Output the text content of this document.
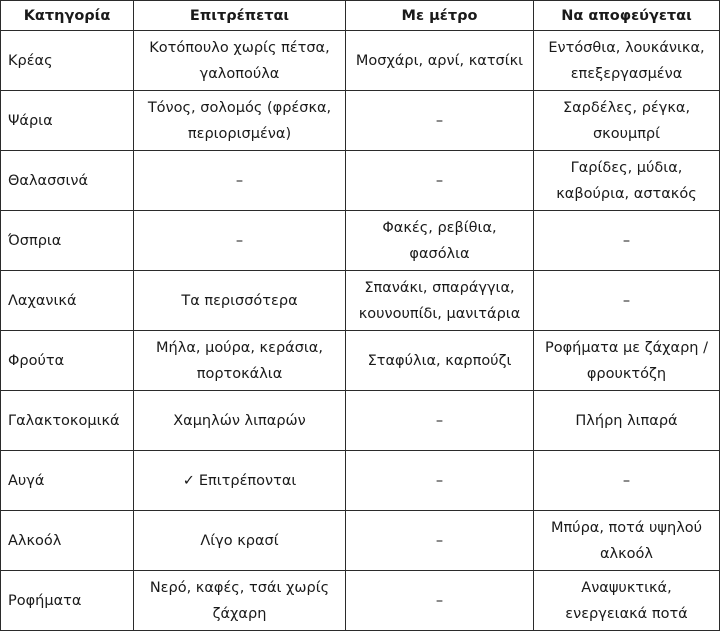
Κατηγορία	Επιτρέπεται	Με μέτρο	Να αποφεύγεται
Κρέας	Κοτόπουλο χωρίς πέτσα, γαλοπούλα	Μοσχάρι, αρνί, κατσίκι	Εντόσθια, λουκάνικα, επεξεργασμένα
Ψάρια	Τόνος, σολομός (φρέσκα, περιορισμένα)	–	Σαρδέλες, ρέγκα, σκουμπρί
Θαλασσινά	–	–	Γαρίδες, μύδια, καβούρια, αστακός
Όσπρια	–	Φακές, ρεβίθια, φασόλια	–
Λαχανικά	Τα περισσότερα	Σπανάκι, σπαράγγια, κουνουπίδι, μανιτάρια	–
Φρούτα	Μήλα, μούρα, κεράσια, πορτοκάλια	Σταφύλια, καρπούζι	Ροφήματα με ζάχαρη / φρουκτόζη
Γαλακτοκομικά	Χαμηλών λιπαρών	–	Πλήρη λιπαρά
Αυγά	✓ Επιτρέπονται	–	–
Αλκοόλ	Λίγο κρασί	–	Μπύρα, ποτά υψηλού αλκοόλ
Ροφήματα	Νερό, καφές, τσάι χωρίς ζάχαρη	–	Αναψυκτικά, ενεργειακά ποτά
